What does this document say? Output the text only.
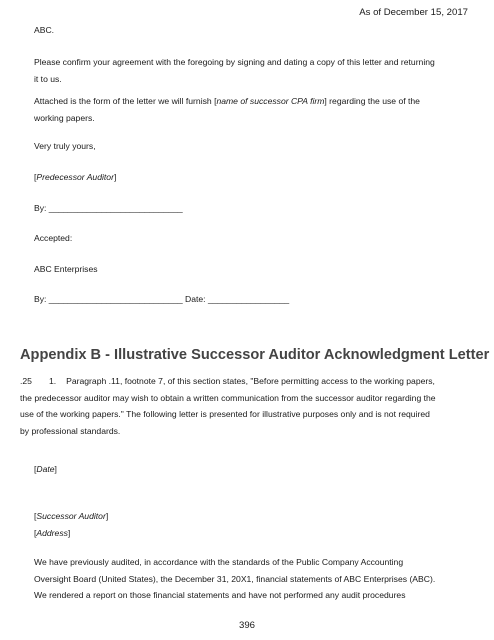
As of December 15, 2017

ABC.

Please confirm your agreement with the foregoing by signing and dating a copy of this letter and returning
it to us.
Attached is the form of the letter we will furnish [name of successor CPA firm] regarding the use of the
working papers.

Very truly yours,

[Predecessor Auditor]

By: ____________________________

Accepted:

ABC Enterprises

By: ____________________________ Date: _________________

Appendix B - Illustrative Successor Auditor Acknowledgment Letter
.25 1. Paragraph .11, footnote 7, of this section states, "Before permitting access to the working papers,
the predecessor auditor may wish to obtain a written communication from the successor auditor regarding the
use of the working papers." The following letter is presented for illustrative purposes only and is not required
by professional standards.

[Date]

[Successor Auditor]

[Address]

We have previously audited, in accordance with the standards of the Public Company Accounting
Oversight Board (United States), the December 31, 20X1, financial statements of ABC Enterprises (ABC).
We rendered a report on those financial statements and have not performed any audit procedures
396
